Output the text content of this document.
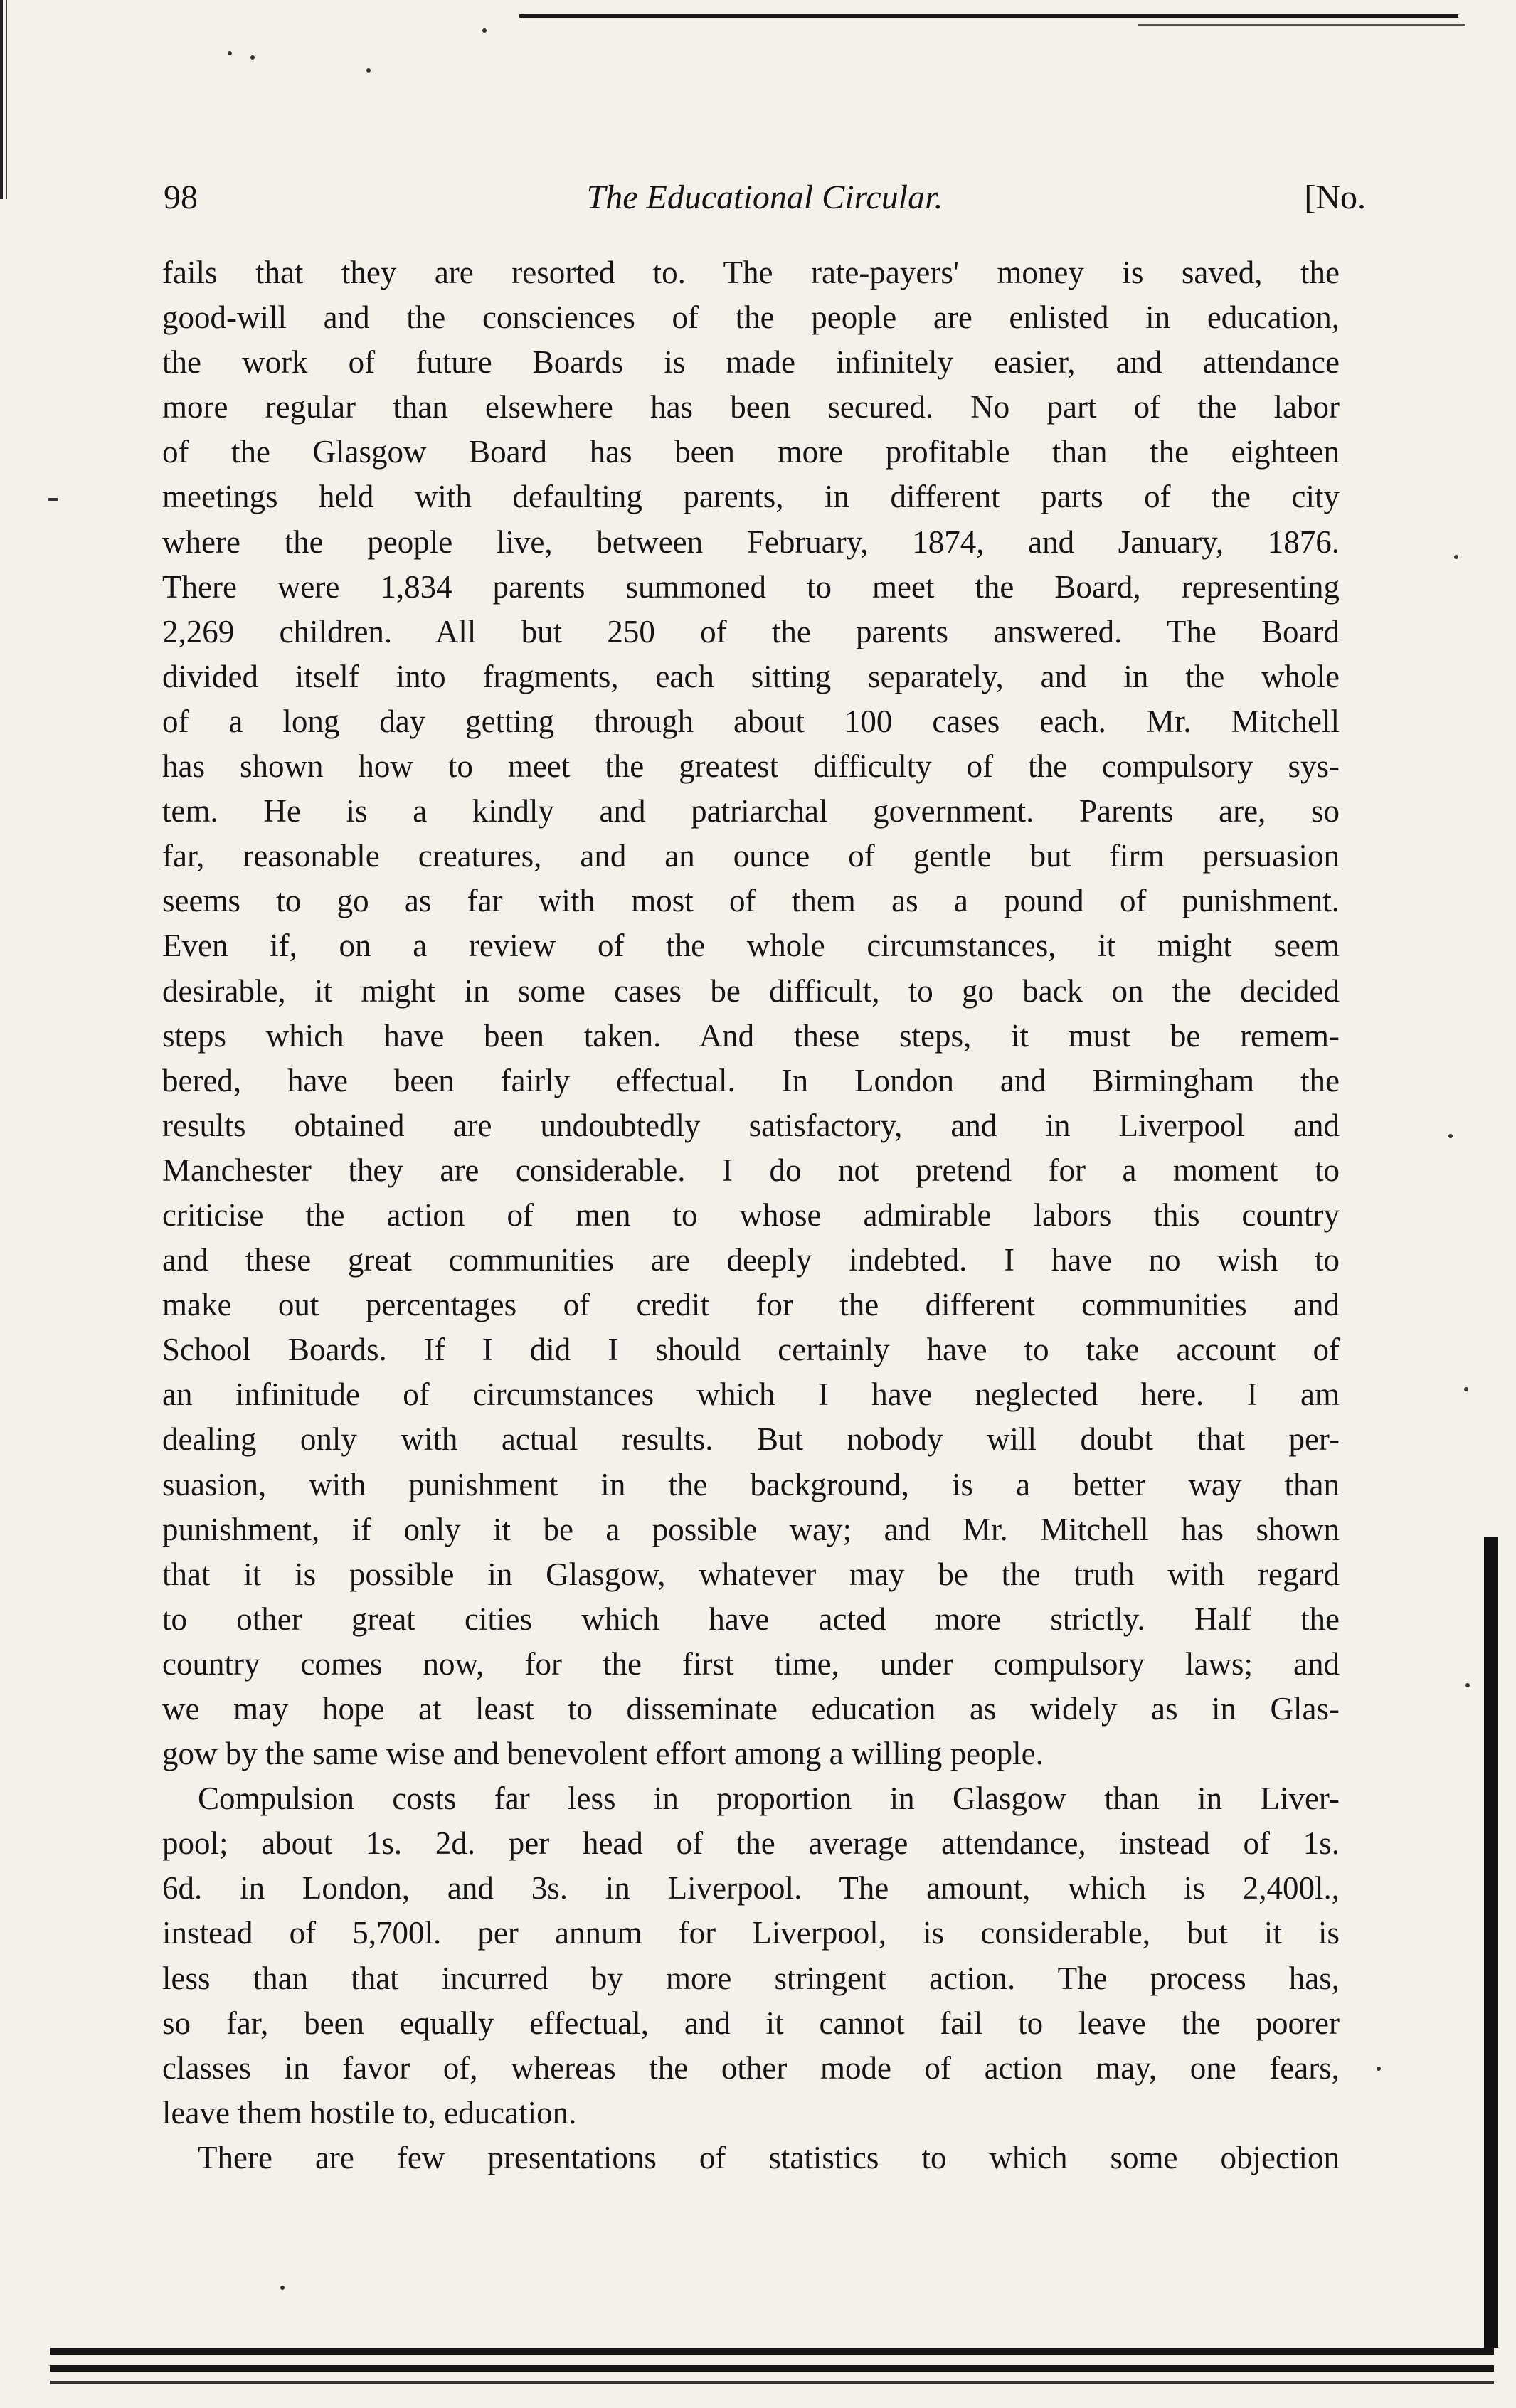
98	The Educational Circular.	[No.
fails that they are resorted to. The rate-payers' money is saved, the
good-will and the consciences of the people are enlisted in education,
the work of future Boards is made infinitely easier, and attendance
more regular than elsewhere has been secured. No part of the labor
of the Glasgow Board has been more profitable than the eighteen
meetings held with defaulting parents, in different parts of the city
where the people live, between February, 1874, and January, 1876.
There were 1,834 parents summoned to meet the Board, representing
2,269 children. All but 250 of the parents answered. The Board
divided itself into fragments, each sitting separately, and in the whole
of a long day getting through about 100 cases each. Mr. Mitchell
has shown how to meet the greatest difficulty of the compulsory sys-
tem. He is a kindly and patriarchal government. Parents are, so
far, reasonable creatures, and an ounce of gentle but firm persuasion
seems to go as far with most of them as a pound of punishment.
Even if, on a review of the whole circumstances, it might seem
desirable, it might in some cases be difficult, to go back on the decided
steps which have been taken. And these steps, it must be remem-
bered, have been fairly effectual. In London and Birmingham the
results obtained are undoubtedly satisfactory, and in Liverpool and
Manchester they are considerable. I do not pretend for a moment to
criticise the action of men to whose admirable labors this country
and these great communities are deeply indebted. I have no wish to
make out percentages of credit for the different communities and
School Boards. If I did I should certainly have to take account of
an infinitude of circumstances which I have neglected here. I am
dealing only with actual results. But nobody will doubt that per-
suasion, with punishment in the background, is a better way than
punishment, if only it be a possible way; and Mr. Mitchell has shown
that it is possible in Glasgow, whatever may be the truth with regard
to other great cities which have acted more strictly. Half the
country comes now, for the first time, under compulsory laws; and
we may hope at least to disseminate education as widely as in Glas-
gow by the same wise and benevolent effort among a willing people.
Compulsion costs far less in proportion in Glasgow than in Liver-
pool; about 1s. 2d. per head of the average attendance, instead of 1s.
6d. in London, and 3s. in Liverpool. The amount, which is 2,400l.,
instead of 5,700l. per annum for Liverpool, is considerable, but it is
less than that incurred by more stringent action. The process has,
so far, been equally effectual, and it cannot fail to leave the poorer
classes in favor of, whereas the other mode of action may, one fears,
leave them hostile to, education.
There are few presentations of statistics to which some objection
